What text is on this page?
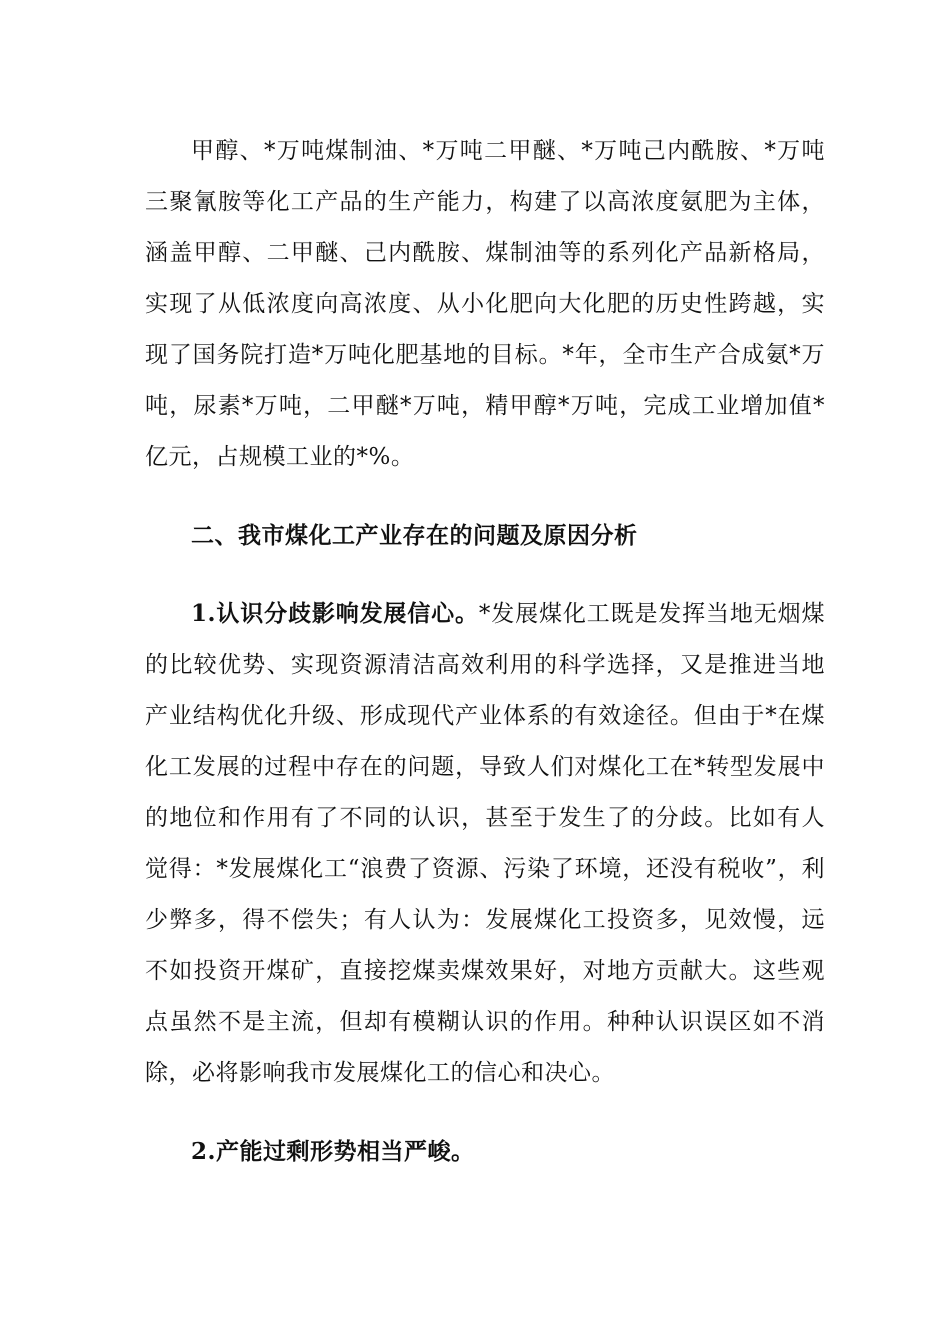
甲醇、*万吨煤制油、*万吨二甲醚、*万吨己内酰胺、*万吨三聚氰胺等化工产品的生产能力，构建了以高浓度氨肥为主体，涵盖甲醇、二甲醚、己内酰胺、煤制油等的系列化产品新格局，实现了从低浓度向高浓度、从小化肥向大化肥的历史性跨越，实现了国务院打造*万吨化肥基地的目标。*年，全市生产合成氨*万吨，尿素*万吨，二甲醚*万吨，精甲醇*万吨，完成工业增加值*亿元，占规模工业的*%。

二、我市煤化工产业存在的问题及原因分析

1.认识分歧影响发展信心。*发展煤化工既是发挥当地无烟煤的比较优势、实现资源清洁高效利用的科学选择，又是推进当地产业结构优化升级、形成现代产业体系的有效途径。但由于*在煤化工发展的过程中存在的问题，导致人们对煤化工在*转型发展中的地位和作用有了不同的认识，甚至于发生了的分歧。比如有人觉得：*发展煤化工“浪费了资源、污染了环境，还没有税收”，利少弊多，得不偿失；有人认为：发展煤化工投资多，见效慢，远不如投资开煤矿，直接挖煤卖煤效果好，对地方贡献大。这些观点虽然不是主流，但却有模糊认识的作用。种种认识误区如不消除，必将影响我市发展煤化工的信心和决心。

2.产能过剩形势相当严峻。
